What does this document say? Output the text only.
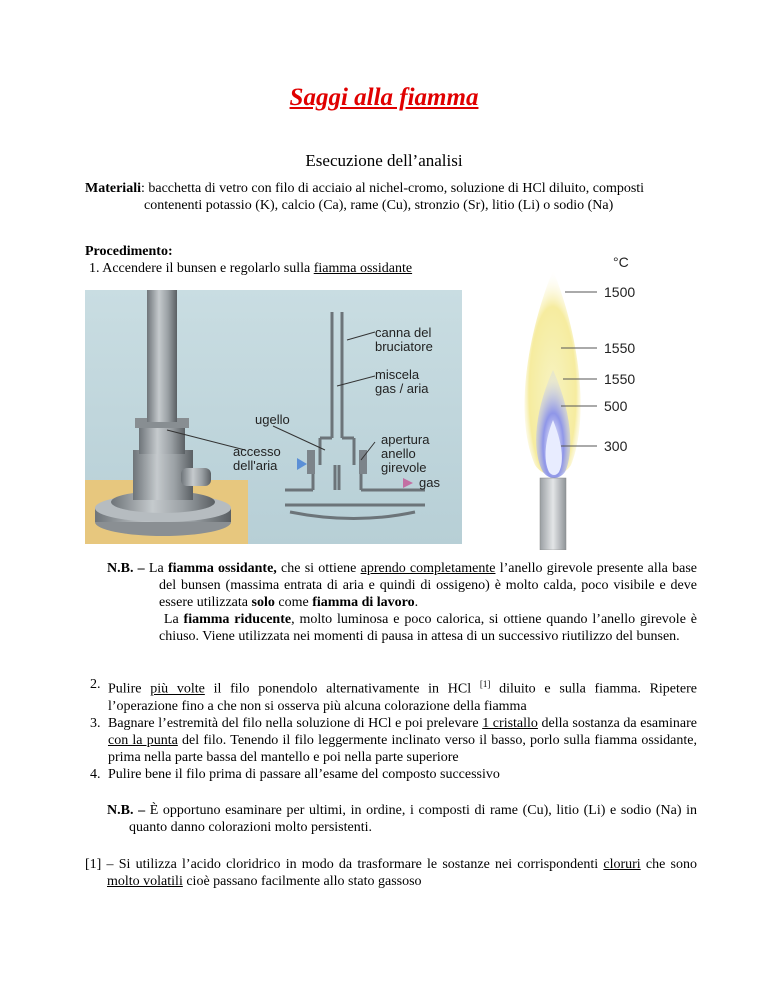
Saggi alla fiamma
Esecuzione dell’analisi
Materiali: bacchetta di vetro con filo di acciaio al nichel-cromo, soluzione di HCl diluito, composti
contenenti potassio (K), calcio (Ca), rame (Cu), stronzio (Sr), litio (Li) o sodio (Na)
Procedimento:
1. Accendere il bunsen e regolarlo sulla fiamma ossidante
canna del
bruciatore
miscela
gas / aria
ugello
accesso
dell'aria
apertura
anello
girevole
gas
°C
1500
1550
1550
500
300
N.B. – La fiamma ossidante, che si ottiene aprendo completamente l’anello girevole presente alla base del bunsen (massima entrata di aria e quindi di ossigeno) è molto calda, poco visibile e deve essere utilizzata solo come fiamma di lavoro.
La fiamma riducente, molto luminosa e poco calorica, si ottiene quando l’anello girevole è chiuso. Viene utilizzata nei momenti di pausa in attesa di un successivo riutilizzo del bunsen.
2. Pulire più volte il filo ponendolo alternativamente in HCl [1] diluito e sulla fiamma. Ripetere l’operazione fino a che non si osserva più alcuna colorazione della fiamma
3. Bagnare l’estremità del filo nella soluzione di HCl e poi prelevare 1 cristallo della sostanza da esaminare con la punta del filo. Tenendo il filo leggermente inclinato verso il basso, porlo sulla fiamma ossidante, prima nella parte bassa del mantello e poi nella parte superiore
4. Pulire bene il filo prima di passare all’esame del composto successivo
N.B. – È opportuno esaminare per ultimi, in ordine, i composti di rame (Cu), litio (Li) e sodio (Na) in quanto danno colorazioni molto persistenti.
[1] – Si utilizza l’acido cloridrico in modo da trasformare le sostanze nei corrispondenti cloruri che sono molto volatili cioè passano facilmente allo stato gassoso
